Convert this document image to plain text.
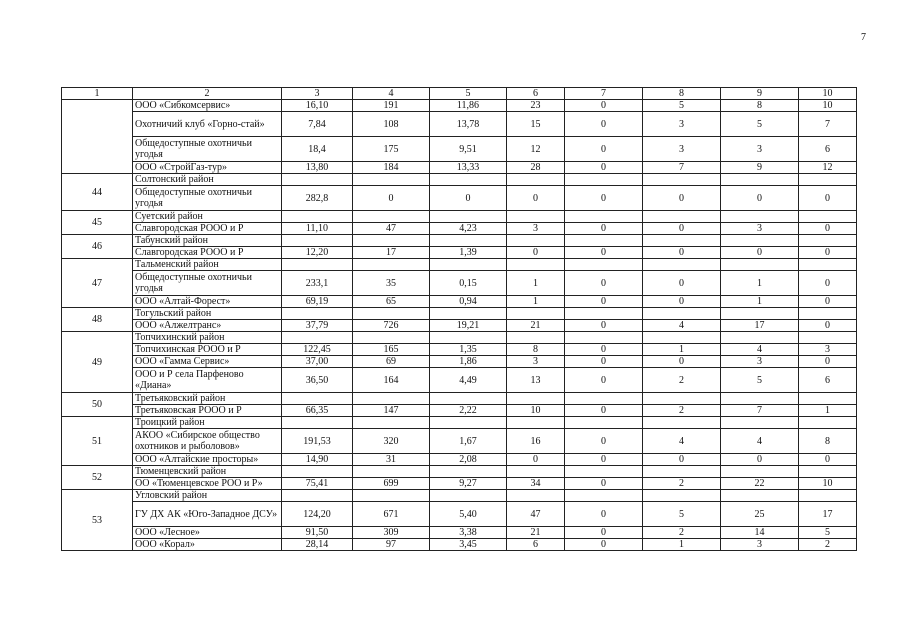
7
1	2	3	4	5	6	7	8	9	10
	ООО «Сибкомсервис»	16,10	191	11,86	23	0	5	8	10
	Охотничий клуб «Горно-стай»	7,84	108	13,78	15	0	3	5	7
	Общедоступные охотничьи угодья	18,4	175	9,51	12	0	3	3	6
	ООО «СтройГаз-тур»	13,80	184	13,33	28	0	7	9	12
44	Солтонский район								
	Общедоступные охотничьи угодья	282,8	0	0	0	0	0	0	0
45	Суетский район								
	Славгородская РООО и Р	11,10	47	4,23	3	0	0	3	0
46	Табунский район								
	Славгородская РООО и Р	12,20	17	1,39	0	0	0	0	0
47	Тальменский район								
	Общедоступные охотничьи угодья	233,1	35	0,15	1	0	0	1	0
	ООО «Алтай-Форест»	69,19	65	0,94	1	0	0	1	0
48	Тогульский район								
	ООО «Алжелтранс»	37,79	726	19,21	21	0	4	17	0
49	Топчихинский район								
	Топчихинская РООО и Р	122,45	165	1,35	8	0	1	4	3
	ООО «Гамма Сервис»	37,00	69	1,86	3	0	0	3	0
	ООО и Р села Парфеново «Диана»	36,50	164	4,49	13	0	2	5	6
50	Третьяковский район								
	Третьяковская РООО и Р	66,35	147	2,22	10	0	2	7	1
51	Троицкий район								
	АКОО «Сибирское общество охотников и рыболовов»	191,53	320	1,67	16	0	4	4	8
	ООО «Алтайские просторы»	14,90	31	2,08	0	0	0	0	0
52	Тюменцевский район								
	ОО «Тюменцевское РОО и Р»	75,41	699	9,27	34	0	2	22	10
53	Угловский район								
	ГУ ДХ АК «Юго-Западное ДСУ»	124,20	671	5,40	47	0	5	25	17
	ООО «Лесное»	91,50	309	3,38	21	0	2	14	5
	ООО «Корал»	28,14	97	3,45	6	0	1	3	2
